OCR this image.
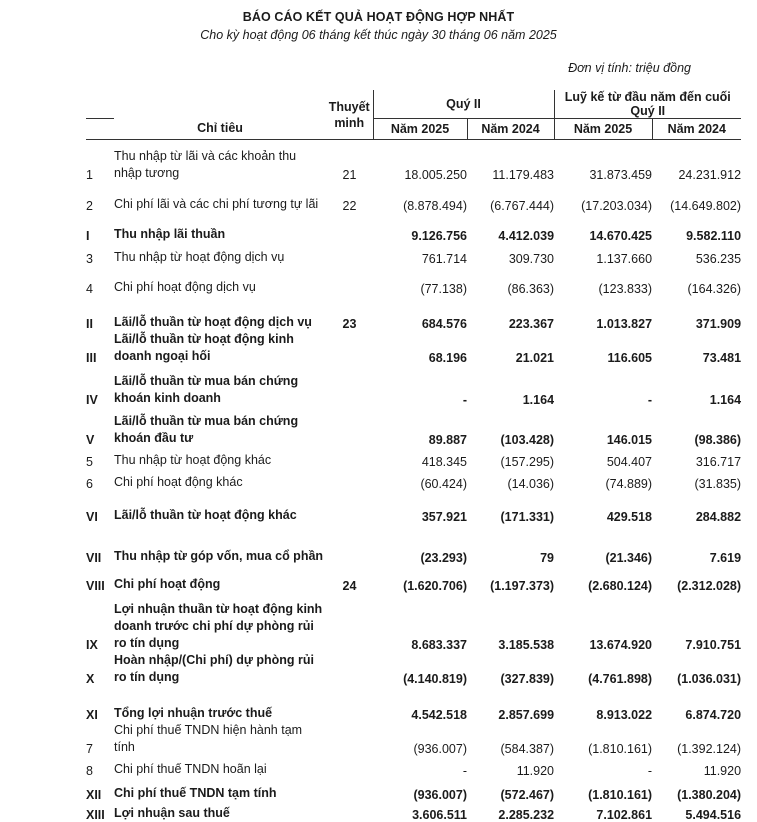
BÁO CÁO KẾT QUẢ HOẠT ĐỘNG HỢP NHẤT
Cho kỳ hoạt động 06 tháng kết thúc ngày 30 tháng 06 năm 2025
Đơn vị tính: triệu đồng
	Chỉ tiêu	Thuyết
minh	Quý II		Luỹ kế từ đầu năm đến cuối Quý II	
			Năm 2025	Năm 2024	Năm 2025	Năm 2024
1	Thu nhập từ lãi và các khoản thu nhập tương	21	18.005.250	11.179.483	31.873.459	24.231.912
2	Chi phí lãi và các chi phí tương tự lãi	22	(8.878.494)	(6.767.444)	(17.203.034)	(14.649.802)
I	Thu nhập lãi thuần		9.126.756	4.412.039	14.670.425	9.582.110
3	Thu nhập từ hoạt động dịch vụ		761.714	309.730	1.137.660	536.235
4	Chi phí hoạt động dịch vụ		(77.138)	(86.363)	(123.833)	(164.326)
II	Lãi/lỗ thuần từ hoạt động dịch vụ	23	684.576	223.367	1.013.827	371.909
III	Lãi/lỗ thuần từ hoạt động kinh doanh ngoại hối		68.196	21.021	116.605	73.481
IV	Lãi/lỗ thuần từ mua bán chứng khoán kinh doanh		-	1.164	-	1.164
V	Lãi/lỗ thuần từ mua bán chứng khoán đầu tư		89.887	(103.428)	146.015	(98.386)
5	Thu nhập từ hoạt động khác		418.345	(157.295)	504.407	316.717
6	Chi phí hoạt động khác		(60.424)	(14.036)	(74.889)	(31.835)
VI	Lãi/lỗ thuần từ hoạt động khác		357.921	(171.331)	429.518	284.882
VII	Thu nhập từ góp vốn, mua cổ phần		(23.293)	79	(21.346)	7.619
VIII	Chi phí hoạt động	24	(1.620.706)	(1.197.373)	(2.680.124)	(2.312.028)
IX	Lợi nhuận thuần từ hoạt động kinh doanh trước chi phí dự phòng rủi ro tín dụng		8.683.337	3.185.538	13.674.920	7.910.751
X	Hoàn nhập/(Chi phí) dự phòng rủi ro tín dụng		(4.140.819)	(327.839)	(4.761.898)	(1.036.031)
XI	Tổng lợi nhuận trước thuế		4.542.518	2.857.699	8.913.022	6.874.720
7	Chi phí thuế TNDN hiện hành tạm tính		(936.007)	(584.387)	(1.810.161)	(1.392.124)
8	Chi phí thuế TNDN hoãn lại		-	11.920	-	11.920
XII	Chi phí thuế TNDN tạm tính		(936.007)	(572.467)	(1.810.161)	(1.380.204)
XIII	Lợi nhuận sau thuế		3.606.511	2.285.232	7.102.861	5.494.516
